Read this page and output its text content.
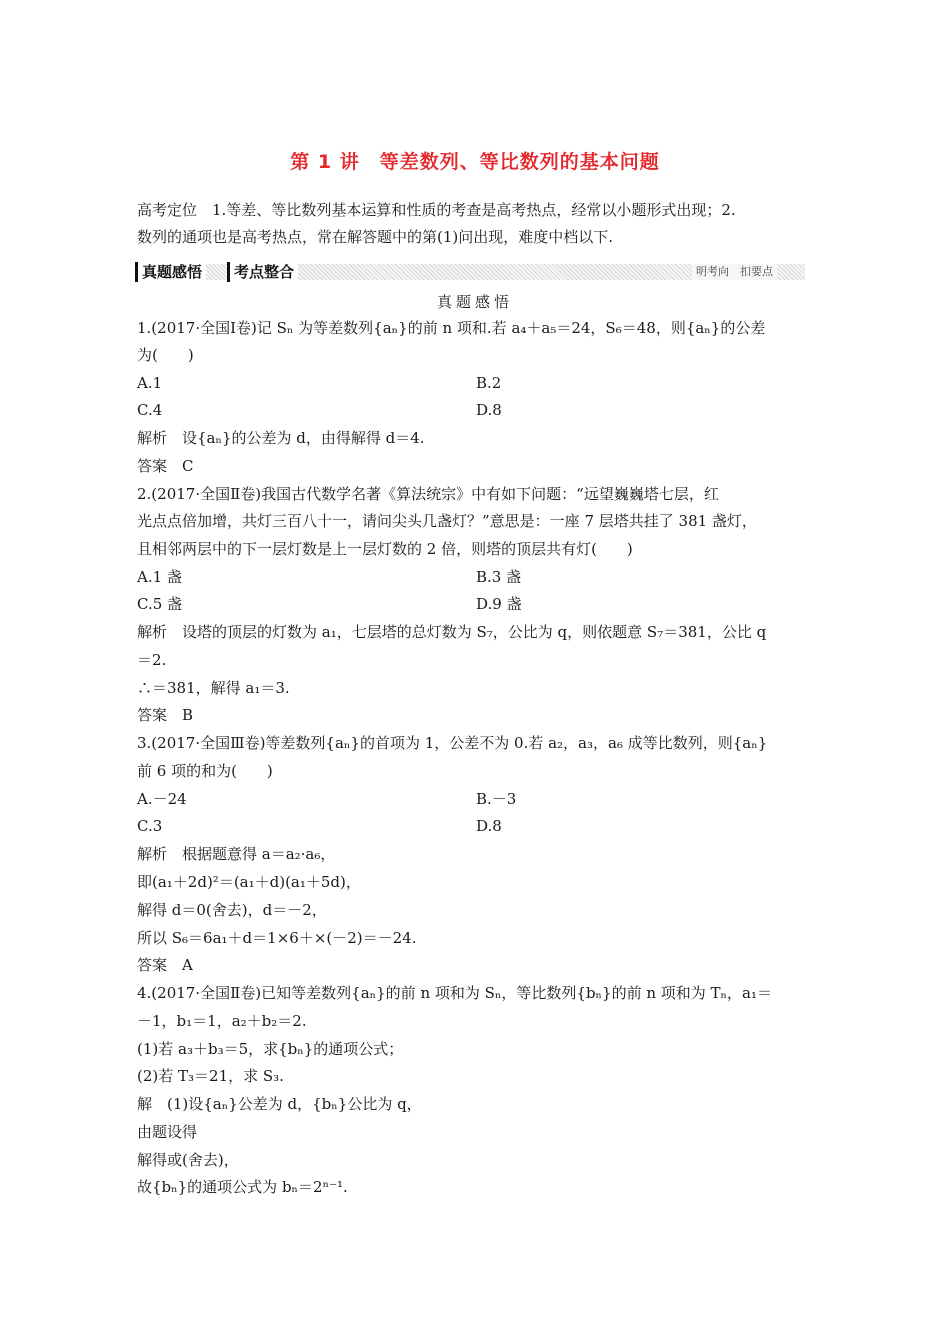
第 1 讲　等差数列、等比数列的基本问题
高考定位　1.等差、等比数列基本运算和性质的考查是高考热点，经常以小题形式出现；2.
数列的通项也是高考热点，常在解答题中的第(1)问出现，难度中档以下.
真题感悟	考点整合	明考向　扣要点
真题感悟
1.(2017·全国Ⅰ卷)记 Sₙ 为等差数列{aₙ}的前 n 项和.若 a₄＋a₅＝24，S₆＝48，则{aₙ}的公差
为(　　)
A.1	B.2
C.4	D.8
解析　设{aₙ}的公差为 d，由得解得 d＝4.
答案　C
2.(2017·全国Ⅱ卷)我国古代数学名著《算法统宗》中有如下问题：“远望巍巍塔七层，红
光点点倍加增，共灯三百八十一，请问尖头几盏灯？”意思是：一座 7 层塔共挂了 381 盏灯，
且相邻两层中的下一层灯数是上一层灯数的 2 倍，则塔的顶层共有灯(　　)
A.1 盏	B.3 盏
C.5 盏	D.9 盏
解析　设塔的顶层的灯数为 a₁，七层塔的总灯数为 S₇，公比为 q，则依题意 S₇＝381，公比 q
＝2.
∴＝381，解得 a₁＝3.
答案　B
3.(2017·全国Ⅲ卷)等差数列{aₙ}的首项为 1，公差不为 0.若 a₂，a₃，a₆ 成等比数列，则{aₙ}
前 6 项的和为(　　)
A.－24	B.－3
C.3	D.8
解析　根据题意得 a＝a₂·a₆，
即(a₁＋2d)²＝(a₁＋d)(a₁＋5d)，
解得 d＝0(舍去)，d＝－2，
所以 S₆＝6a₁＋d＝1×6＋×(－2)＝－24.
答案　A
4.(2017·全国Ⅱ卷)已知等差数列{aₙ}的前 n 项和为 Sₙ，等比数列{bₙ}的前 n 项和为 Tₙ，a₁＝
－1，b₁＝1，a₂＋b₂＝2.
(1)若 a₃＋b₃＝5，求{bₙ}的通项公式；
(2)若 T₃＝21，求 S₃.
解　(1)设{aₙ}公差为 d，{bₙ}公比为 q，
由题设得
解得或(舍去)，
故{bₙ}的通项公式为 bₙ＝2ⁿ⁻¹.
